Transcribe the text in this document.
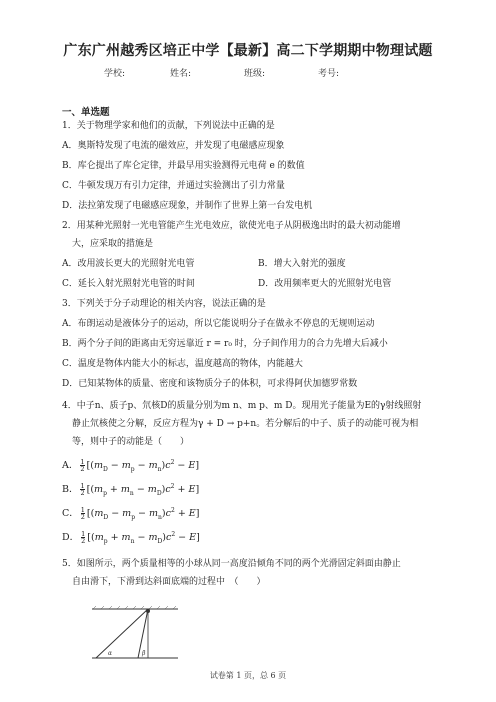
广东广州越秀区培正中学【最新】高二下学期期中物理试题
学校:	姓名:	班级:	考号:
一、单选题
1．关于物理学家和他们的贡献，下列说法中正确的是
A．奥斯特发现了电流的磁效应，并发现了电磁感应现象
B．库仑提出了库仑定律，并最早用实验测得元电荷 e 的数值
C．牛顿发现万有引力定律，并通过实验测出了引力常量
D．法拉第发现了电磁感应现象，并制作了世界上第一台发电机
2．用某种光照射一光电管能产生光电效应，欲使光电子从阴极逸出时的最大初动能增
大，应采取的措施是
A．改用波长更大的光照射光电管	B．增大入射光的强度
C．延长入射光照射光电管的时间	D．改用频率更大的光照射光电管
3．下列关于分子动理论的相关内容，说法正确的是
A．布朗运动是液体分子的运动，所以它能说明分子在做永不停息的无规则运动
B．两个分子间的距离由无穷远靠近 r = r₀ 时，分子间作用力的合力先增大后减小
C．温度是物体内能大小的标志，温度越高的物体，内能越大
D．已知某物体的质量、密度和该物质分子的体积，可求得阿伏加德罗常数
4．中子n、质子p、氘核D的质量分别为m n、m p、m D。现用光子能量为E的γ射线照射
静止氘核使之分解，反应方程为γ + D → p+n。若分解后的中子、质子的动能可视为相
等，则中子的动能是（　　）
A． $\frac{1}{2} [(m_D - m_p - m_n)c^2 - E]$
B． $\frac{1}{2} [(m_p + m_n - m_D)c^2 + E]$
C． $\frac{1}{2} [(m_D - m_p - m_n)c^2 + E]$
D． $\frac{1}{2} [(m_p + m_n - m_D)c^2 - E]$
5．如图所示，两个质量相等的小球从同一高度沿倾角不同的两个光滑固定斜面由静止
自由滑下，下滑到达斜面底端的过程中　（　　）
α	β
试卷第 1 页，总 6 页
